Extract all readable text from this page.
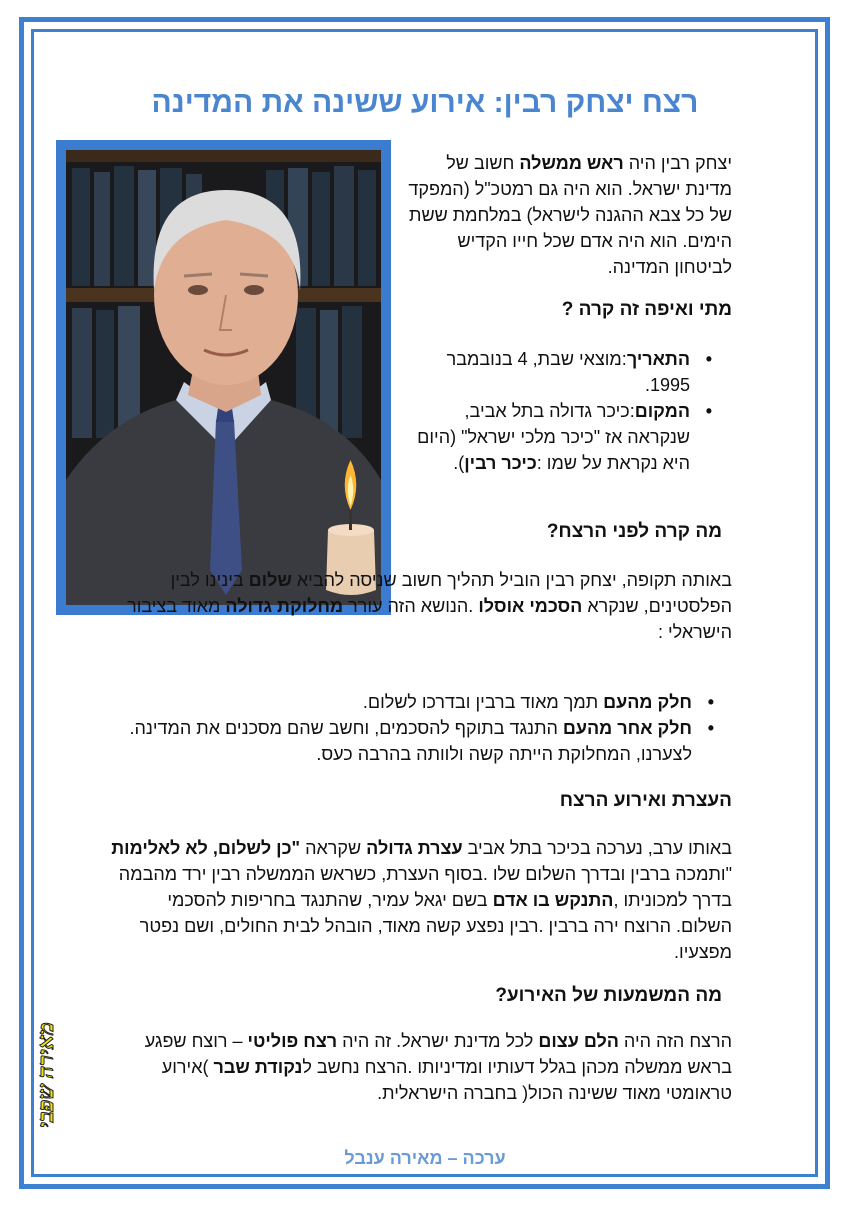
רצח יצחק רבין: אירוע ששינה את המדינה
יצחק רבין היה ראש ממשלה חשוב של מדינת ישראל. הוא היה גם רמטכ"ל (המפקד של כל צבא ההגנה לישראל) במלחמת ששת הימים. הוא היה אדם שכל חייו הקדיש לביטחון המדינה.
מתי ואיפה זה קרה ?
• התאריך:מוצאי שבת, 4 בנובמבר 1995.
• המקום:כיכר גדולה בתל אביב, שנקראה אז "כיכר מלכי ישראל" (היום היא נקראת על שמו :כיכר רבין).
מה קרה לפני הרצח?
באותה תקופה, יצחק רבין הוביל תהליך חשוב שניסה להביא שלום בינינו לבין הפלסטינים, שנקרא הסכמי אוסלו .הנושא הזה עורר מחלוקת גדולה מאוד בציבור הישראלי :
• חלק מהעם תמך מאוד ברבין ובדרכו לשלום.
• חלק אחר מהעם התנגד בתוקף להסכמים, וחשב שהם מסכנים את המדינה. לצערנו, המחלוקת הייתה קשה ולוותה בהרבה כעס.
העצרת ואירוע הרצח
באותו ערב, נערכה בכיכר בתל אביב עצרת גדולה שקראה "כן לשלום, לא לאלימות "ותמכה ברבין ובדרך השלום שלו .בסוף העצרת, כשראש הממשלה רבין ירד מהבמה בדרך למכוניתו ,התנקש בו אדם בשם יגאל עמיר, שהתנגד בחריפות להסכמי השלום. הרוצח ירה ברבין .רבין נפצע קשה מאוד, הובהל לבית החולים, ושם נפטר מפצעיו.
מה המשמעות של האירוע?
הרצח הזה היה הלם עצום לכל מדינת ישראל. זה היה רצח פוליטי – רוצח שפגע בראש ממשלה מכהן בגלל דעותיו ומדיניותו .הרצח נחשב לנקודת שבר )אירוע טראומטי מאוד ששינה הכול( בחברה הישראלית.
מאירה שפבי
ערכה – מאירה ענבל
